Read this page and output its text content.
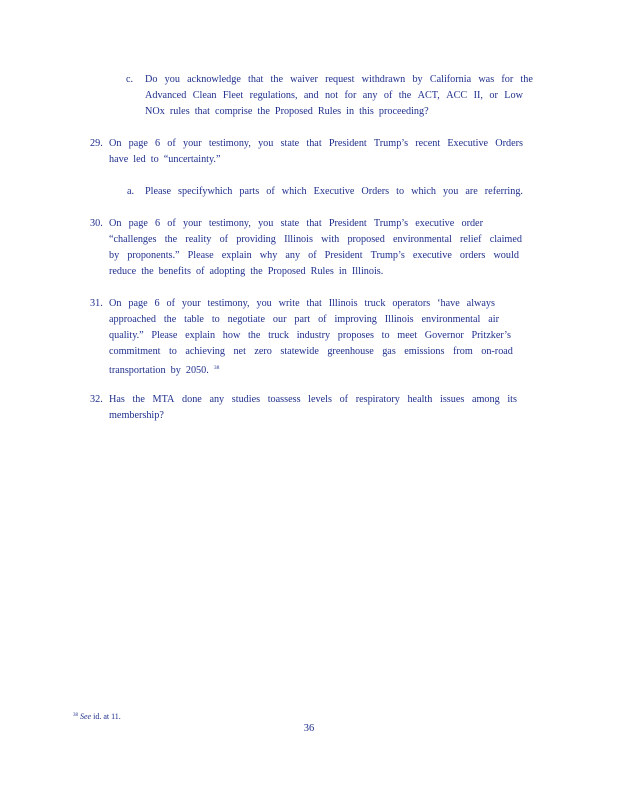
c. Do you acknowledge that the waiver request withdrawn by California was for the
Advanced Clean Fleet regulations, and not for any of the ACT, ACC II, or Low
NOx rules that comprise the Proposed Rules in this proceeding?
29. On page 6 of your testimony, you state that President Trump’s recent Executive Orders
have led to “uncertainty.”
a. Please specifywhich parts of which Executive Orders to which you are referring.
30. On page 6 of your testimony, you state that President Trump’s executive order
“challenges the reality of providing Illinois with proposed environmental relief claimed
by proponents.” Please explain why any of President Trump’s executive orders would
reduce the benefits of adopting the Proposed Rules in Illinois.
31. On page 6 of your testimony, you write that Illinois truck operators ‘have always
approached the table to negotiate our part of improving Illinois environmental air
quality.” Please explain how the truck industry proposes to meet Governor Pritzker’s
commitment to achieving net zero statewide greenhouse gas emissions from on-road
transportation by 2050. $^{38}$
32. Has the MTA done any studies toassess levels of respiratory health issues among its
membership?
$^{38}$ See id. at 11.
36
